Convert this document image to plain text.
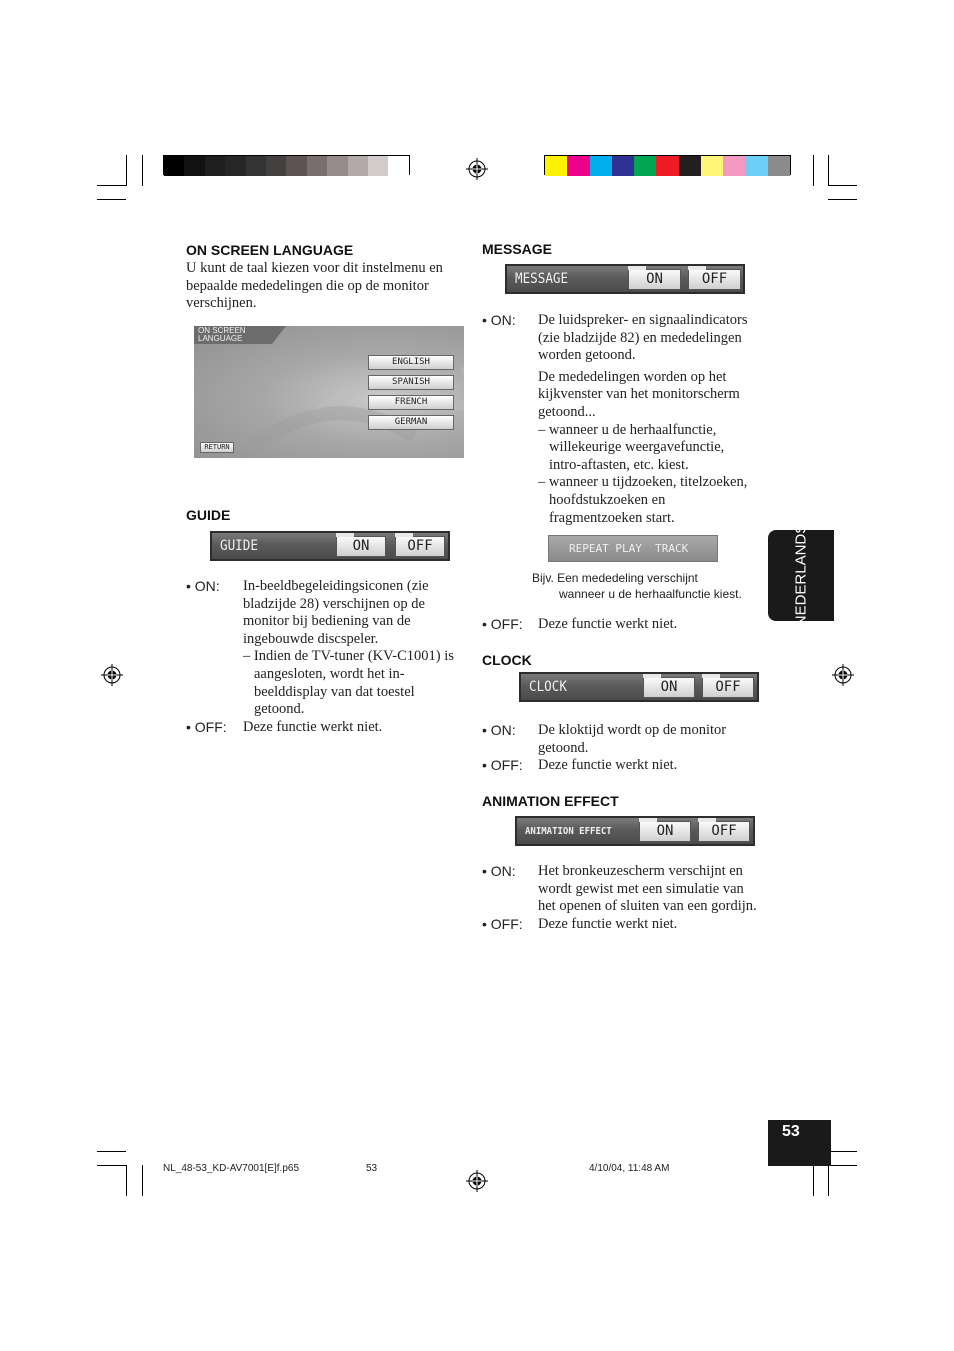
NEDERLANDS
53
ON SCREEN LANGUAGE
U kunt de taal kiezen voor dit instelmenu en
bepaalde mededelingen die op de monitor
verschijnen.
ON SCREEN
LANGUAGE
ENGLISH
SPANISH
FRENCH
GERMAN
RETURN
GUIDE
GUIDE	ON	OFF
• ON: In-beeldbegeleidingsiconen (zie
bladzijde 28) verschijnen op de
monitor bij bediening van de
ingebouwde discspeler.
– Indien de TV-tuner (KV-C1001) is
aangesloten, wordt het in-
beelddisplay van dat toestel
getoond.
• OFF: Deze functie werkt niet.
MESSAGE
MESSAGE	ON	OFF
• ON: De luidspreker- en signaalindicators
(zie bladzijde 82) en mededelingen
worden getoond.
De mededelingen worden op het
kijkvenster van het monitorscherm
getoond...
– wanneer u de herhaalfunctie,
willekeurige weergavefunctie,
intro-aftasten, etc. kiest.
– wanneer u tijdzoeken, titelzoeken,
hoofdstukzoeken en
fragmentzoeken start.
REPEAT PLAY  TRACK
Bijv. Een mededeling verschijnt
wanneer u de herhaalfunctie kiest.
• OFF: Deze functie werkt niet.
CLOCK
CLOCK	ON	OFF
• ON: De kloktijd wordt op de monitor
getoond.
• OFF: Deze functie werkt niet.
ANIMATION EFFECT
ANIMATION EFFECT	ON	OFF
• ON: Het bronkeuzescherm verschijnt en
wordt gewist met een simulatie van
het openen of sluiten van een gordijn.
• OFF: Deze functie werkt niet.
NL_48-53_KD-AV7001[E]f.p65	53	4/10/04, 11:48 AM
